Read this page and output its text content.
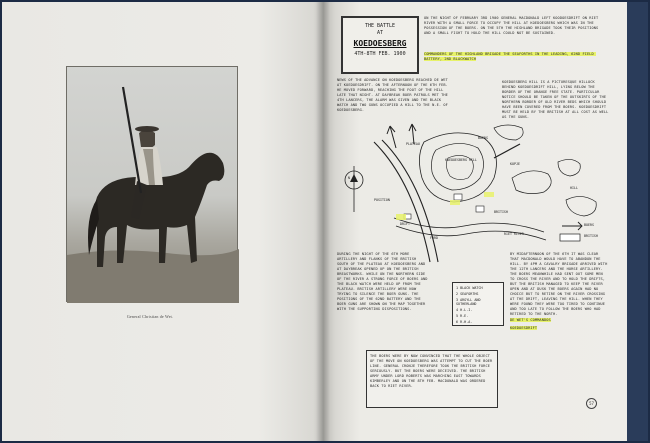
General Christian de Wet.
THE BATTLE
AT
KOEDOESBERG
4TH-8TH FEB. 1900
ON THE NIGHT OF FEBRUARY 3RD 1900 GENERAL MACDONALD LEFT KOODOESDRIFT ON RIET RIVER WITH A SMALL FORCE TO OCCUPY THE HILL AT KOEDOESBERG WHICH WAS IN THE POSSESSION OF THE BOERS. ON THE 5TH THE HIGHLAND BRIGADE TOOK THEIR POSITIONS AND A SMALL FIGHT TO HOLD THE HILL COULD NOT BE SUSTAINED.
COMMANDERS OF THE HIGHLAND BRIGADE THE SEAFORTHS IN THE LEADING, 62ND FIELD BATTERY, 2ND BLACKWATCH
NEWS OF THE ADVANCE ON KOEDOESBERG REACHED DE WET AT KOEDOESDRIFT. ON THE AFTERNOON OF THE 6TH FEB. HE MOVED FORWARD, REACHING THE FOOT OF THE HILL LATE THAT NIGHT. AT DAYBREAK BOER PATROLS MET THE 4TH LANCERS, THE ALARM WAS GIVEN AND THE BLACK WATCH AND TWO GUNS OCCUPIED A HILL TO THE N.E. OF KOEDOESBERG.
KOEDOESBERG HILL IS A PICTURESQUE HILLOCK BEHIND KOEDOESDRIFT HILL, LYING BELOW THE BORDER OF THE ORANGE FREE STATE. PARTICULAR NOTICE SHOULD BE TAKEN OF THE OUTSKIRTS OF THE NORTHERN BORDER OF OLD RIVER BEDS WHICH SHOULD HAVE BEEN COVERED FROM THE BOERS. KOEDOESDRIFT MUST BE HELD BY THE BRITISH AT ALL COST AS WELL AS THE GUNS.
N
PLATEAU
KOEDOESBERG HILL
POSITION
KOPJE
DRIFT
BRITISH
RIET RIVER
HILL
FORD
BOERS
BOERS
BRITISH
DURING THE NIGHT OF THE 6TH MORE ARTILLERY AND FLANKS OF THE BRITISH SOUTH OF THE PLATEAU AT KOEDOESBERG AND AT DAYBREAK OPENED UP ON THE BRITISH BREASTWORKS. WHILE ON THE NORTHERN SIDE OF THE RIVER A STRONG FORCE OF BOERS AND THE BLACK WATCH WERE HELD UP FROM THE PLATEAU. BRITISH ARTILLERY WERE NOW TRYING TO SILENCE THE BOER GUNS. THE POSITIONS OF THE 62ND BATTERY AND THE BOER GUNS ARE SHOWN ON THE MAP TOGETHER WITH THE SUPPORTING DISPOSITIONS.
1 BLACK WATCH
2 SEAFORTHS
3 ARGYLL AND SUTHERLAND
4 H.L.I.
5 R.E.
6 R.H.A.
BY MIDAFTERNOON OF THE 6TH IT WAS CLEAR THAT MACDONALD WOULD HAVE TO ABANDON THE HILL. BY 4PM A CAVALRY BRIGADE ARRIVED WITH THE 12TH LANCERS AND THE HORSE ARTILLERY. THE BOERS MEANWHILE HAD SENT OUT SOME MEN TO CROSS THE RIVER AND TO HOLD THE DRIFTS, BUT THE BRITISH MANAGED TO KEEP THE RIVER OPEN AND AT DUSK THE BOERS AGAIN HAD NO CHOICE BUT TO RETIRE ON THE RIVER CROSSING AT THE DRIFT, LEAVING THE HILL. WHEN THEY WERE FOUND THEY WERE TOO TIRED TO CONTINUE AND TOO LATE TO FOLLOW THE BOERS WHO HAD RETIRED TO THE NORTH.
DE WET'S COMMANDOS
KOEDOESDRIFT
THE BOERS WERE BY NOW CONVINCED THAT THE WHOLE OBJECT OF THE MOVE ON KOEDOESBERG WAS ATTEMPT TO CUT THE BOER LINE. GENERAL CRONJE THEREFORE TOOK THE BRITISH FORCE SERIOUSLY. BUT THE BOERS WERE DECEIVED. THE BRITISH ARMY UNDER LORD ROBERTS WAS MARCHING EAST TOWARDS KIMBERLEY AND ON THE 8TH FEB. MACDONALD WAS ORDERED BACK TO RIET RIVER.
57
